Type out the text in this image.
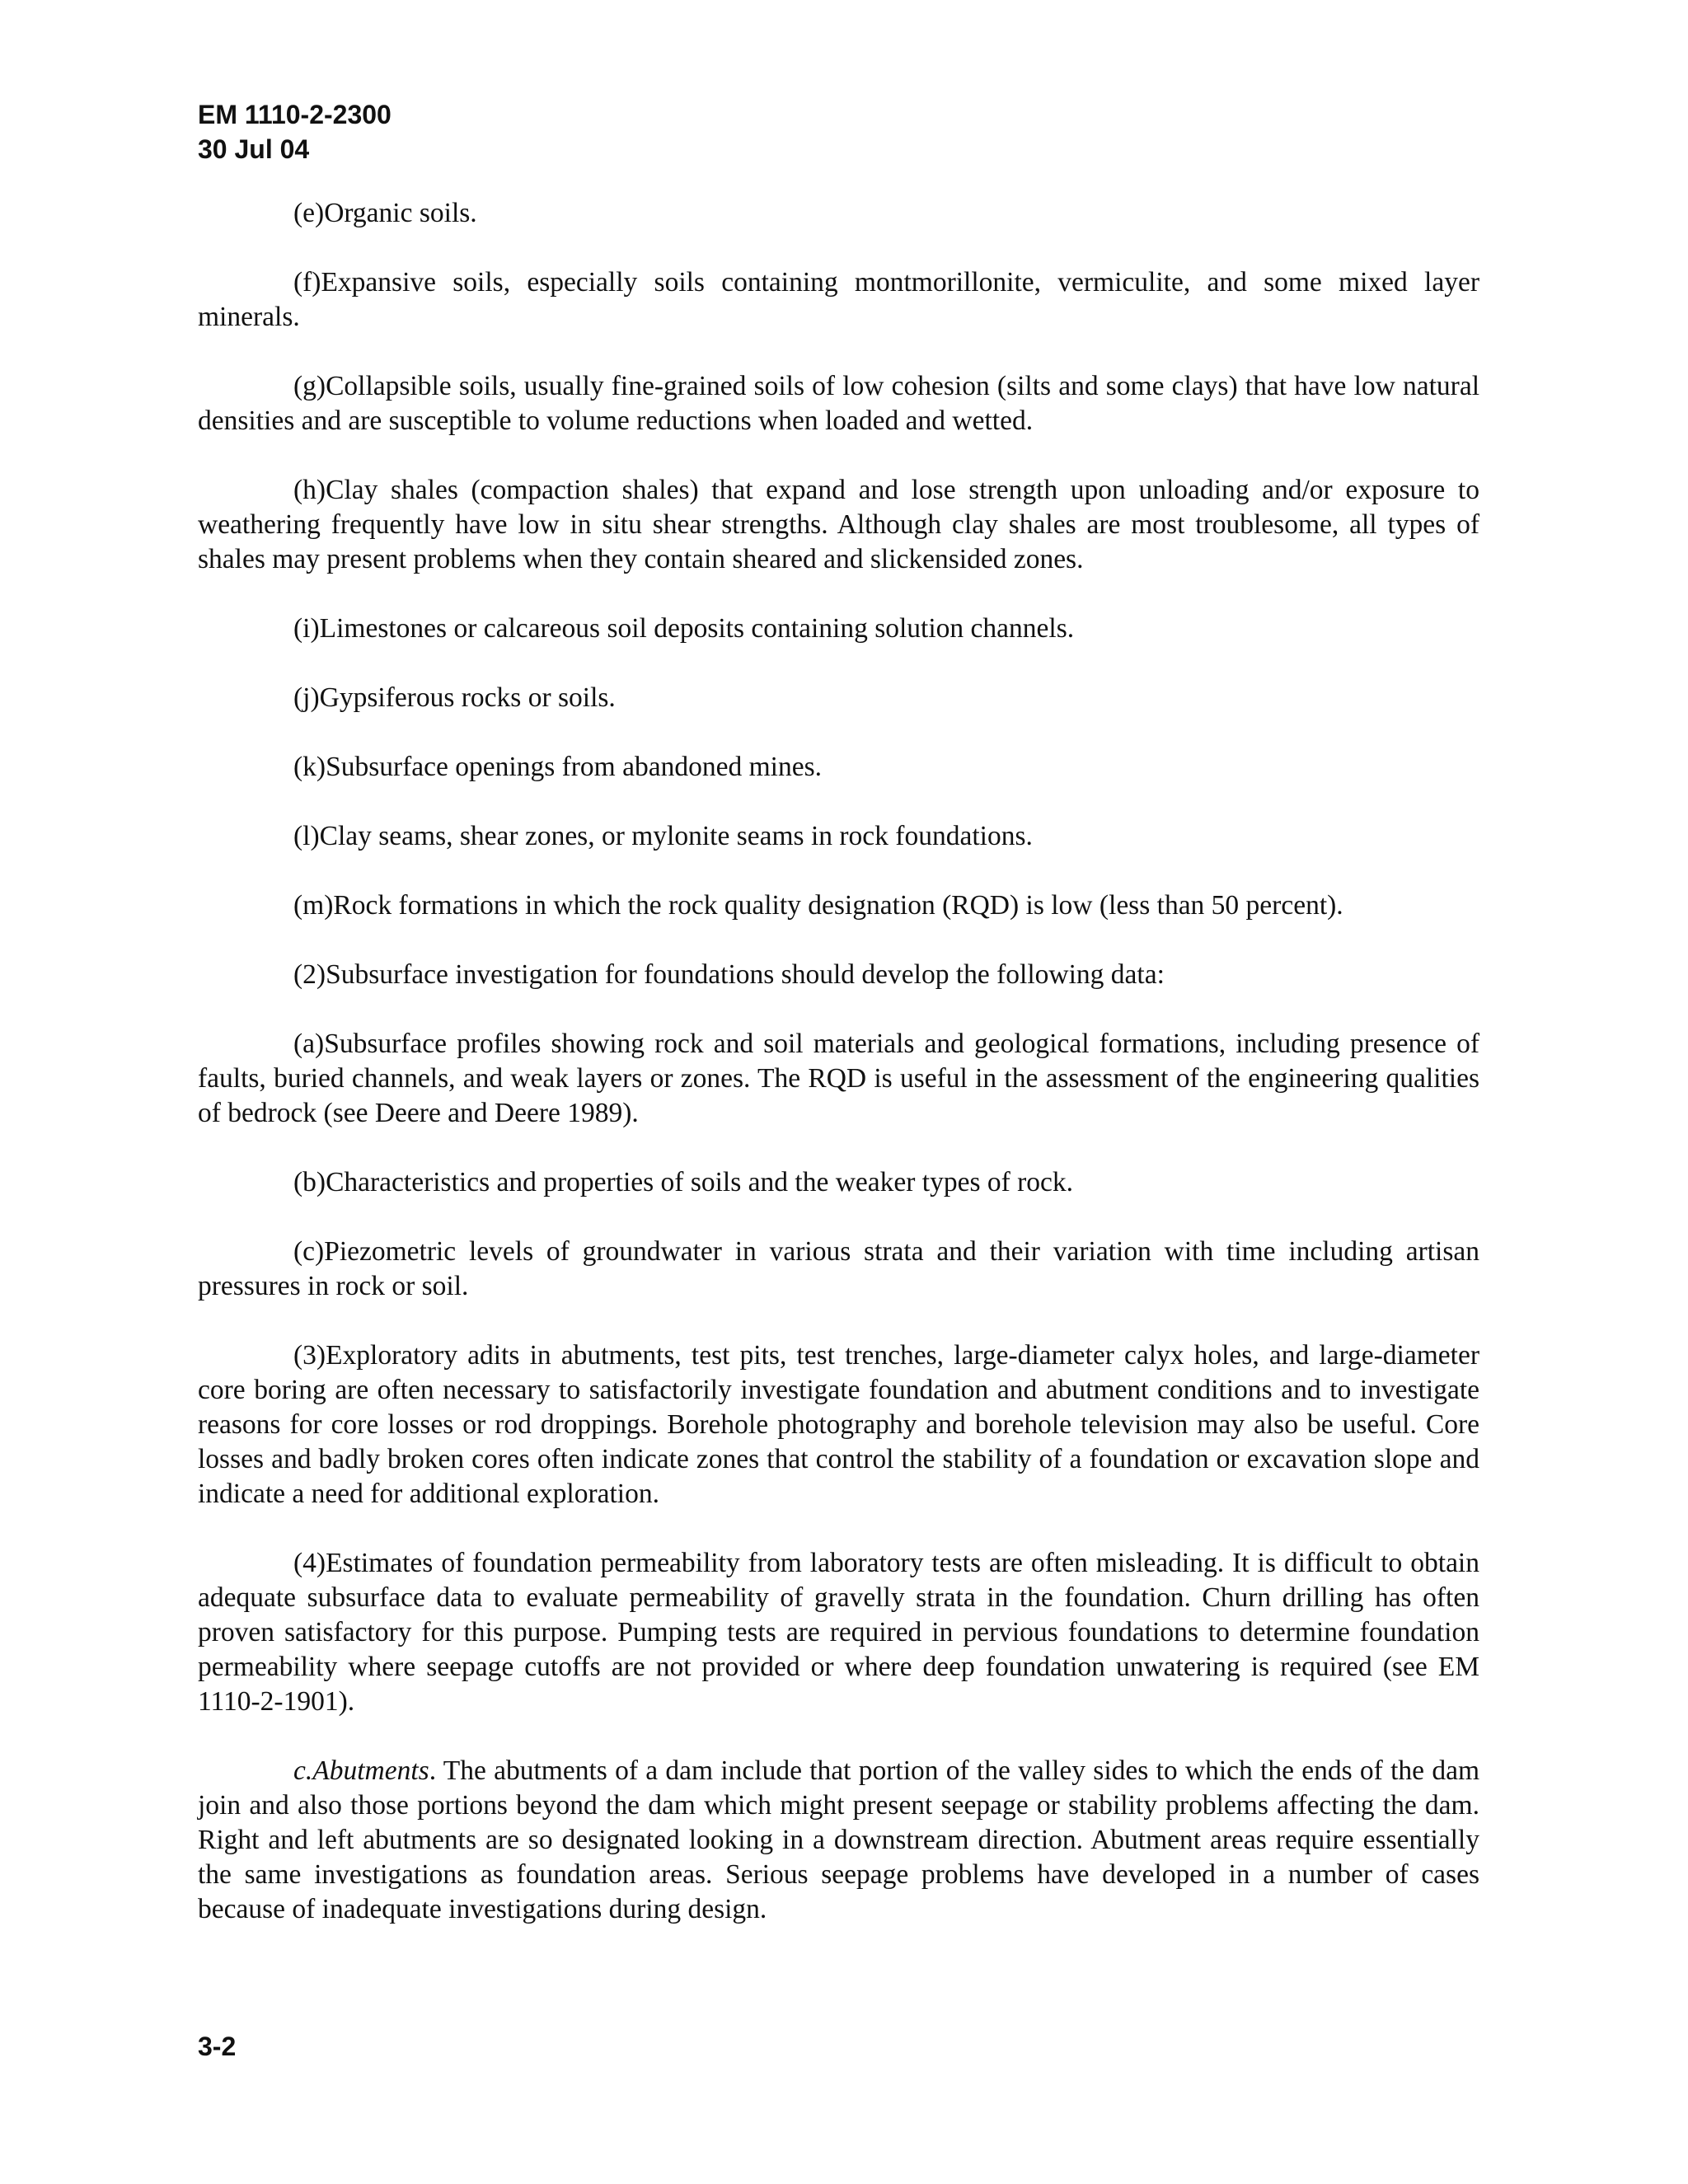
EM 1110-2-2300
30 Jul 04

(e)Organic soils.

(f)Expansive soils, especially soils containing montmorillonite, vermiculite, and some mixed layer minerals.

(g)Collapsible soils, usually fine-grained soils of low cohesion (silts and some clays) that have low natural densities and are susceptible to volume reductions when loaded and wetted.

(h)Clay shales (compaction shales) that expand and lose strength upon unloading and/or exposure to weathering frequently have low in situ shear strengths. Although clay shales are most troublesome, all types of shales may present problems when they contain sheared and slickensided zones.

(i)Limestones or calcareous soil deposits containing solution channels.

(j)Gypsiferous rocks or soils.

(k)Subsurface openings from abandoned mines.

(l)Clay seams, shear zones, or mylonite seams in rock foundations.

(m)Rock formations in which the rock quality designation (RQD) is low (less than 50 percent).

(2)Subsurface investigation for foundations should develop the following data:

(a)Subsurface profiles showing rock and soil materials and geological formations, including presence of faults, buried channels, and weak layers or zones. The RQD is useful in the assessment of the engineering qualities of bedrock (see Deere and Deere 1989).

(b)Characteristics and properties of soils and the weaker types of rock.

(c)Piezometric levels of groundwater in various strata and their variation with time including artisan pressures in rock or soil.

(3)Exploratory adits in abutments, test pits, test trenches, large-diameter calyx holes, and large-diameter core boring are often necessary to satisfactorily investigate foundation and abutment conditions and to investigate reasons for core losses or rod droppings. Borehole photography and borehole television may also be useful. Core losses and badly broken cores often indicate zones that control the stability of a foundation or excavation slope and indicate a need for additional exploration.

(4)Estimates of foundation permeability from laboratory tests are often misleading. It is difficult to obtain adequate subsurface data to evaluate permeability of gravelly strata in the foundation. Churn drilling has often proven satisfactory for this purpose. Pumping tests are required in pervious foundations to determine foundation permeability where seepage cutoffs are not provided or where deep foundation unwatering is required (see EM 1110-2-1901).

c.Abutments. The abutments of a dam include that portion of the valley sides to which the ends of the dam join and also those portions beyond the dam which might present seepage or stability problems affecting the dam. Right and left abutments are so designated looking in a downstream direction. Abutment areas require essentially the same investigations as foundation areas. Serious seepage problems have developed in a number of cases because of inadequate investigations during design.

3-2
